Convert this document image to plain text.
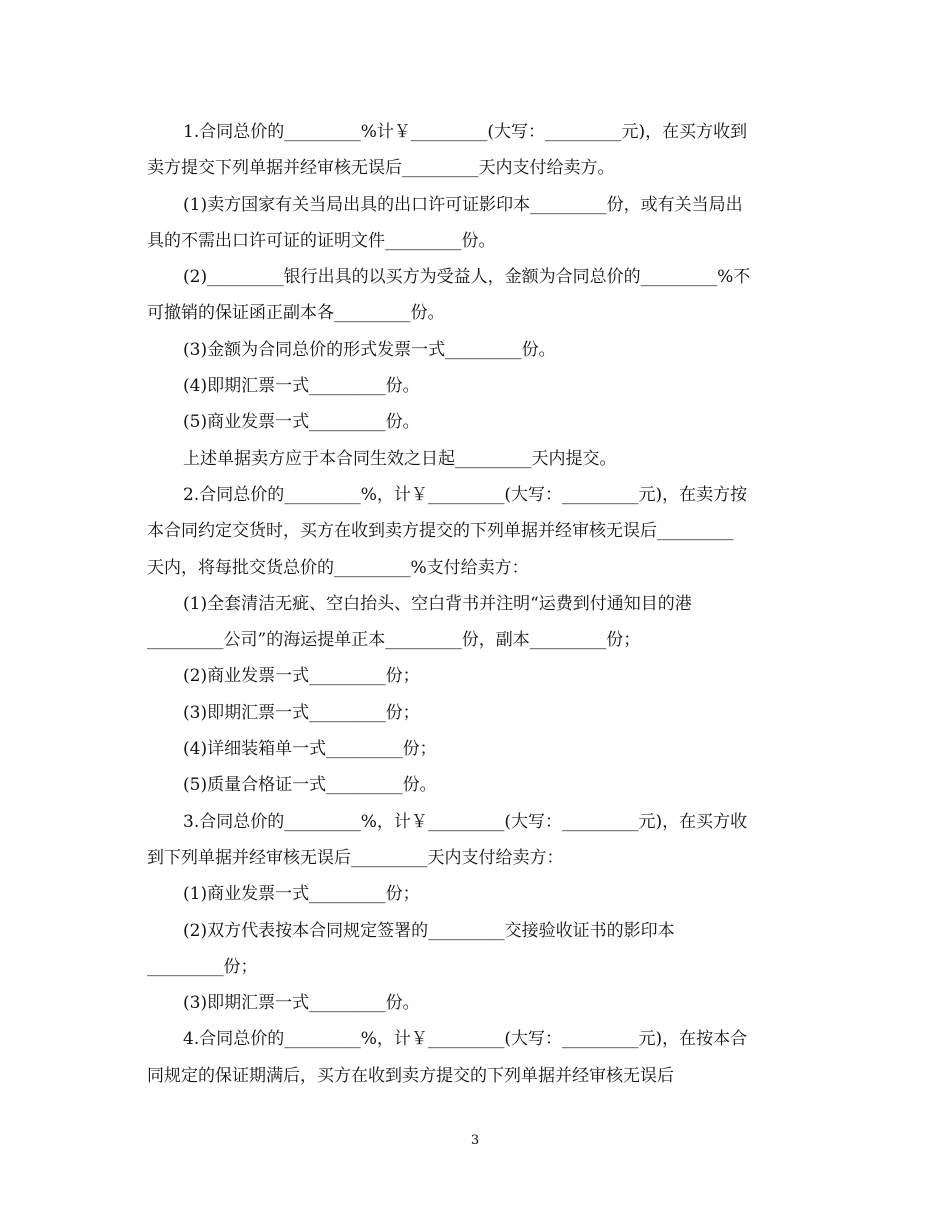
1.合同总价的_________%计￥_________(大写：_________元)，在买方收到
卖方提交下列单据并经审核无误后_________天内支付给卖方。
(1)卖方国家有关当局出具的出口许可证影印本_________份，或有关当局出
具的不需出口许可证的证明文件_________份。
(2)_________银行出具的以买方为受益人，金额为合同总价的_________%不
可撤销的保证函正副本各_________份。
(3)金额为合同总价的形式发票一式_________份。
(4)即期汇票一式_________份。
(5)商业发票一式_________份。
上述单据卖方应于本合同生效之日起_________天内提交。
2.合同总价的_________%，计￥_________(大写：_________元)，在卖方按
本合同约定交货时，买方在收到卖方提交的下列单据并经审核无误后_________
天内，将每批交货总价的_________%支付给卖方：
(1)全套清洁无疵、空白抬头、空白背书并注明“运费到付通知目的港
_________公司”的海运提单正本_________份，副本_________份；
(2)商业发票一式_________份；
(3)即期汇票一式_________份；
(4)详细装箱单一式_________份；
(5)质量合格证一式_________份。
3.合同总价的_________%，计￥_________(大写：_________元)，在买方收
到下列单据并经审核无误后_________天内支付给卖方：
(1)商业发票一式_________份；
(2)双方代表按本合同规定签署的_________交接验收证书的影印本
_________份；
(3)即期汇票一式_________份。
4.合同总价的_________%，计￥_________(大写：_________元)，在按本合
同规定的保证期满后，买方在收到卖方提交的下列单据并经审核无误后
3
